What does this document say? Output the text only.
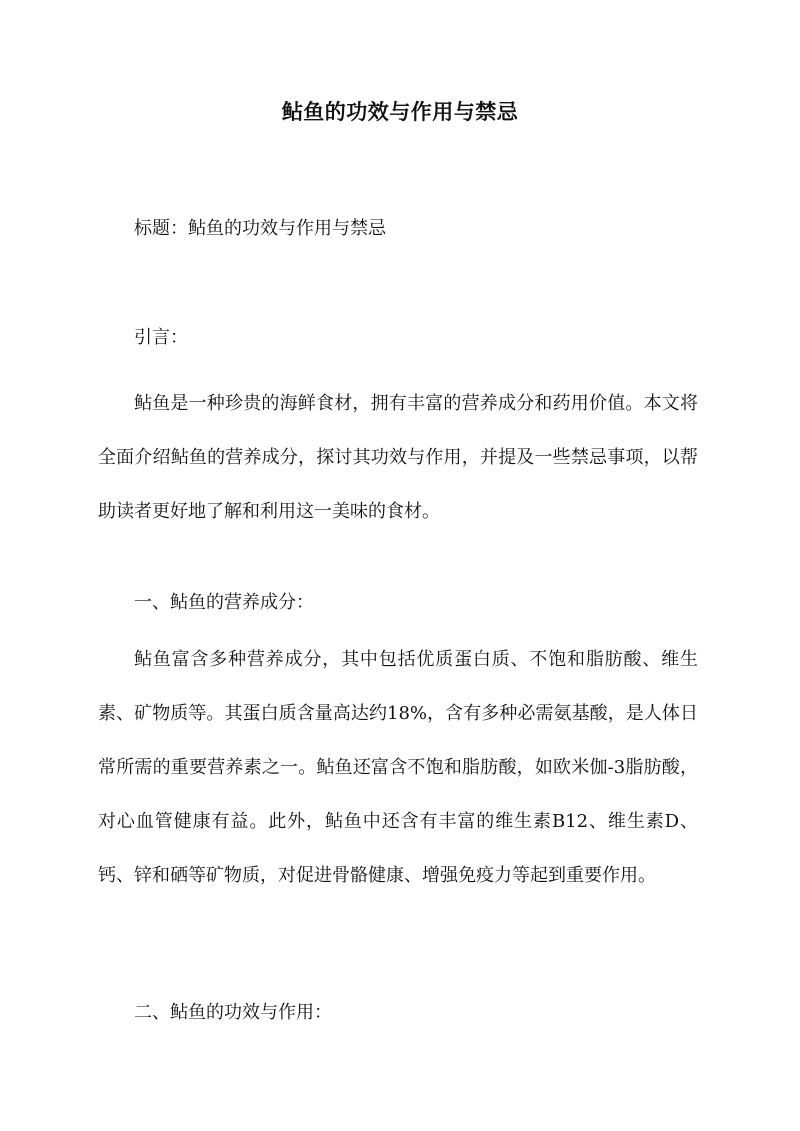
鲇鱼的功效与作用与禁忌
标题：鲇鱼的功效与作用与禁忌
引言：

鲇鱼是一种珍贵的海鲜食材，拥有丰富的营养成分和药用价值。本文将全面介绍鲇鱼的营养成分，探讨其功效与作用，并提及一些禁忌事项，以帮助读者更好地了解和利用这一美味的食材。

一、鲇鱼的营养成分：

鲇鱼富含多种营养成分，其中包括优质蛋白质、不饱和脂肪酸、维生素、矿物质等。其蛋白质含量高达约18%，含有多种必需氨基酸，是人体日常所需的重要营养素之一。鲇鱼还富含不饱和脂肪酸，如欧米伽-3脂肪酸，对心血管健康有益。此外，鲇鱼中还含有丰富的维生素B12、维生素D、钙、锌和硒等矿物质，对促进骨骼健康、增强免疫力等起到重要作用。

二、鲇鱼的功效与作用：
